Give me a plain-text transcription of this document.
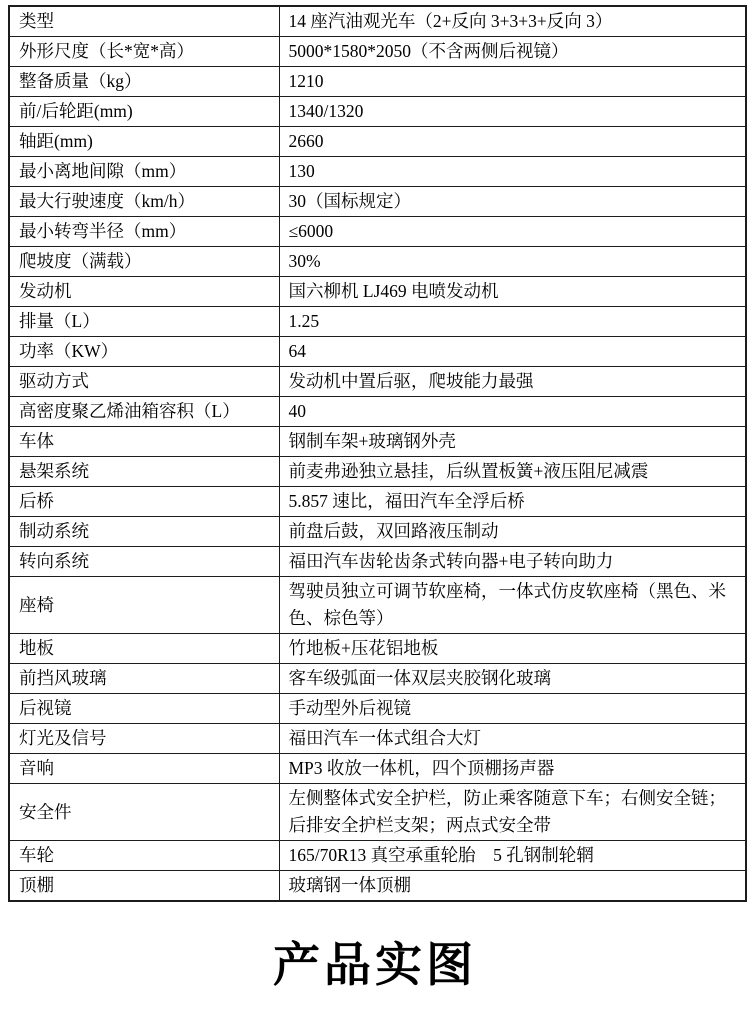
类型	14 座汽油观光车（2+反向 3+3+3+反向 3）
外形尺度（长*宽*高）	5000*1580*2050（不含两侧后视镜）
整备质量（kg）	1210
前/后轮距(mm)	1340/1320
轴距(mm)	2660
最小离地间隙（mm）	130
最大行驶速度（km/h）	30（国标规定）
最小转弯半径（mm）	≤6000
爬坡度（满载）	30%
发动机	国六柳机 LJ469 电喷发动机
排量（L）	1.25
功率（KW）	64
驱动方式	发动机中置后驱，爬坡能力最强
高密度聚乙烯油箱容积（L）	40
车体	钢制车架+玻璃钢外壳
悬架系统	前麦弗逊独立悬挂，后纵置板簧+液压阻尼减震
后桥	5.857 速比，福田汽车全浮后桥
制动系统	前盘后鼓，双回路液压制动
转向系统	福田汽车齿轮齿条式转向器+电子转向助力
座椅	驾驶员独立可调节软座椅，一体式仿皮软座椅（黑色、米色、棕色等）
地板	竹地板+压花铝地板
前挡风玻璃	客车级弧面一体双层夹胶钢化玻璃
后视镜	手动型外后视镜
灯光及信号	福田汽车一体式组合大灯
音响	MP3 收放一体机，四个顶棚扬声器
安全件	左侧整体式安全护栏，防止乘客随意下车；右侧安全链；后排安全护栏支架；两点式安全带
车轮	165/70R13 真空承重轮胎　5 孔钢制轮辋
顶棚	玻璃钢一体顶棚
产品实图
